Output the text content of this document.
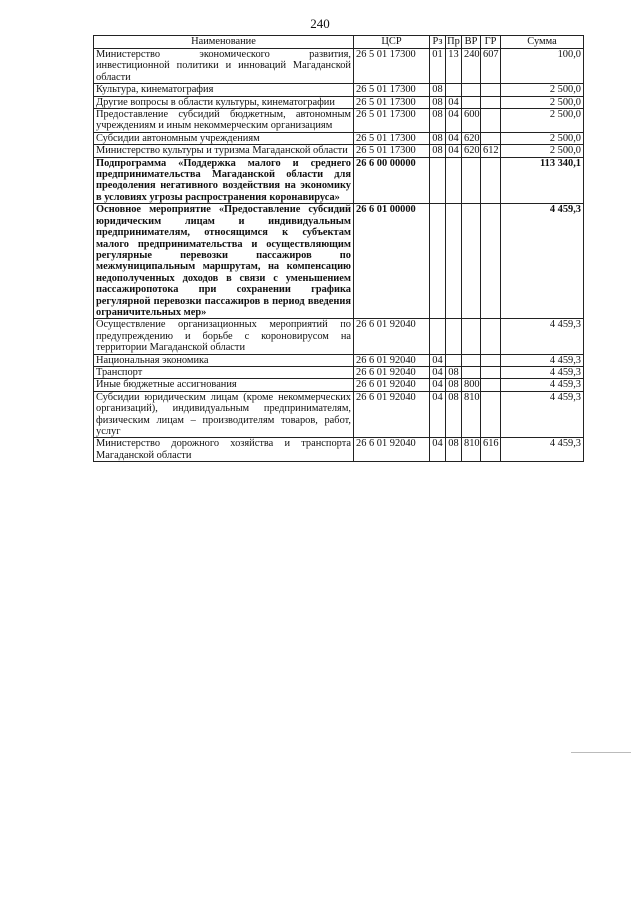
240
Наименование	ЦСР	Рз	Пр	ВР	ГР	Сумма
Министерство экономического развития, инвестиционной политики и инноваций Магаданской области	26 5 01 17300	01	13	240	607	100,0
Культура, кинематография	26 5 01 17300	08				2 500,0
Другие вопросы в области культуры, кинематографии	26 5 01 17300	08	04			2 500,0
Предоставление субсидий бюджетным, автономным учреждениям и иным некоммерческим организациям	26 5 01 17300	08	04	600		2 500,0
Субсидии автономным учреждениям	26 5 01 17300	08	04	620		2 500,0
Министерство культуры и туризма Магаданской области	26 5 01 17300	08	04	620	612	2 500,0
Подпрограмма «Поддержка малого и среднего предпринимательства Магаданской области для преодоления негативного воздействия на экономику в условиях угрозы распространения коронавируса»	26 6 00 00000					113 340,1
Основное мероприятие «Предоставление субсидий юридическим лицам и индивидуальным предпринимателям, относящимся к субъектам малого предпринимательства и осуществляющим регулярные перевозки пассажиров по межмуниципальным маршрутам, на компенсацию недополученных доходов в связи с уменьшением пассажиропотока при сохранении графика регулярной перевозки пассажиров в период введения ограничительных мер»	26 6 01 00000					4 459,3
Осуществление организационных мероприятий по предупреждению и борьбе с короновирусом на территории Магаданской области	26 6 01 92040					4 459,3
Национальная экономика	26 6 01 92040	04				4 459,3
Транспорт	26 6 01 92040	04	08			4 459,3
Иные бюджетные ассигнования	26 6 01 92040	04	08	800		4 459,3
Субсидии юридическим лицам (кроме некоммерческих организаций), индивидуальным предпринимателям, физическим лицам – производителям товаров, работ, услуг	26 6 01 92040	04	08	810		4 459,3
Министерство дорожного хозяйства и транспорта Магаданской области	26 6 01 92040	04	08	810	616	4 459,3
